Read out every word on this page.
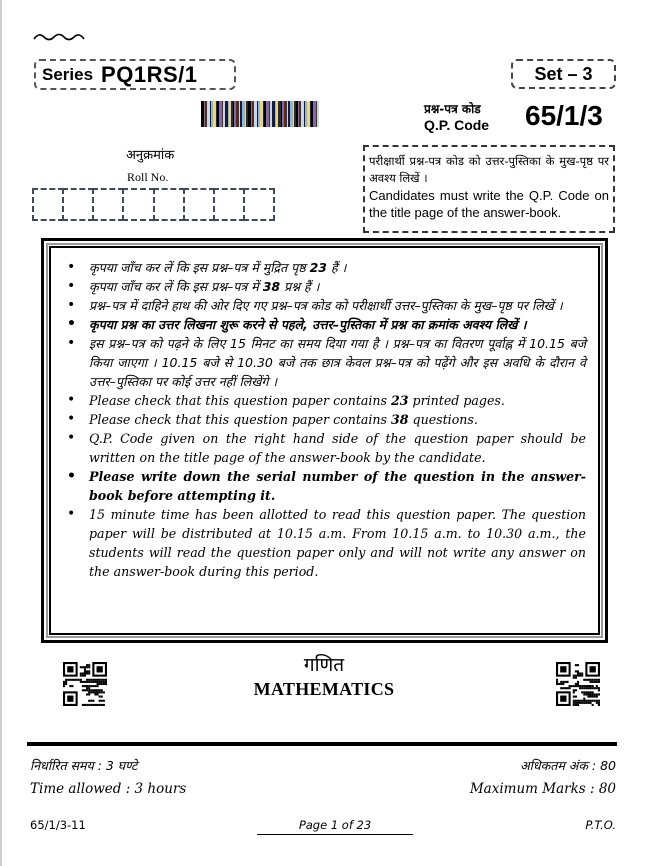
Series PQ1RS/1	Set – 3
प्रश्न-पत्र कोड
Q.P. Code 65/1/3
अनुक्रमांक
Roll No.
परीक्षार्थी प्रश्न-पत्र कोड को उत्तर-पुस्तिका के मुख-पृष्ठ पर अवश्य लिखें ।
Candidates must write the Q.P. Code on the title page of the answer-book.
• कृपया जाँच कर लें कि इस प्रश्न–पत्र में मुद्रित पृष्ठ 23 हैं ।
• कृपया जाँच कर लें कि इस प्रश्न–पत्र में 38 प्रश्न हैं ।
• प्रश्न–पत्र में दाहिने हाथ की ओर दिए गए प्रश्न–पत्र कोड को परीक्षार्थी उत्तर–पुस्तिका के मुख–पृष्ठ पर लिखें ।
• कृपया प्रश्न का उत्तर लिखना शुरू करने से पहले, उत्तर–पुस्तिका में प्रश्न का क्रमांक अवश्य लिखें ।
• इस प्रश्न–पत्र को पढ़ने के लिए 15 मिनट का समय दिया गया है । प्रश्न–पत्र का वितरण पूर्वाह्न में 10.15 बजे किया जाएगा । 10.15 बजे से 10.30 बजे तक छात्र केवल प्रश्न–पत्र को पढ़ेंगे और इस अवधि के दौरान वे उत्तर–पुस्तिका पर कोई उत्तर नहीं लिखेंगे ।
• Please check that this question paper contains 23 printed pages.
• Please check that this question paper contains 38 questions.
• Q.P. Code given on the right hand side of the question paper should be written on the title page of the answer-book by the candidate.
• Please write down the serial number of the question in the answer-book before attempting it.
• 15 minute time has been allotted to read this question paper. The question paper will be distributed at 10.15 a.m. From 10.15 a.m. to 10.30 a.m., the students will read the question paper only and will not write any answer on the answer-book during this period.
गणित
MATHEMATICS
निर्धारित समय : 3 घण्टे	अधिकतम अंक : 80
Time allowed : 3 hours	Maximum Marks : 80
65/1/3-11	Page 1 of 23	P.T.O.
